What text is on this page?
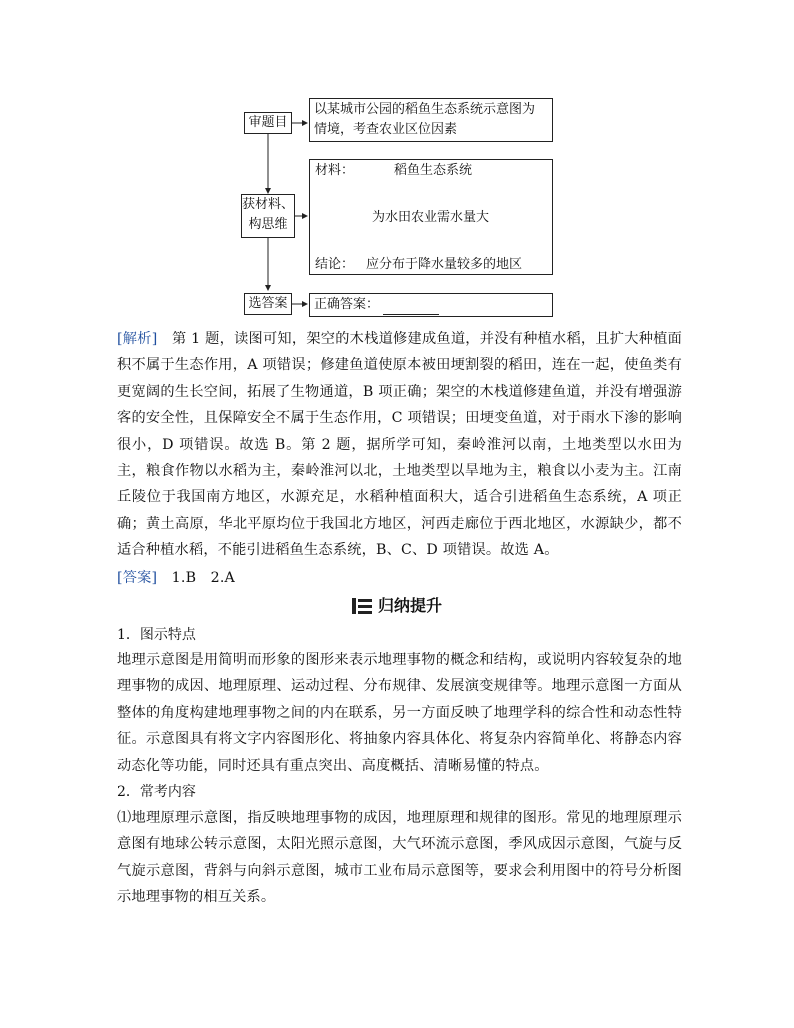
审题目
以某城市公园的稻鱼生态系统示意图为
情境，考查农业区位因素
获材料、
构思维
材料：	稻鱼生态系统
为水田农业需水量大
结论： 应分布于降水量较多的地区
选答案	正确答案：
[解析]　第 1 题，读图可知，架空的木栈道修建成鱼道，并没有种植水稻，且扩大种植面积不属于生态作用，A 项错误；修建鱼道使原本被田埂割裂的稻田，连在一起，使鱼类有更宽阔的生长空间，拓展了生物通道，B 项正确；架空的木栈道修建鱼道，并没有增强游客的安全性，且保障安全不属于生态作用，C 项错误；田埂变鱼道，对于雨水下渗的影响很小，D 项错误。故选 B。第 2 题，据所学可知，秦岭淮河以南，土地类型以水田为主，粮食作物以水稻为主，秦岭淮河以北，土地类型以旱地为主，粮食以小麦为主。江南丘陵位于我国南方地区，水源充足，水稻种植面积大，适合引进稻鱼生态系统，A 项正确；黄土高原，华北平原均位于我国北方地区，河西走廊位于西北地区，水源缺少，都不适合种植水稻，不能引进稻鱼生态系统，B、C、D 项错误。故选 A。
[答案]　1.B　2.A
归纳提升
1．图示特点
地理示意图是用简明而形象的图形来表示地理事物的概念和结构，或说明内容较复杂的地理事物的成因、地理原理、运动过程、分布规律、发展演变规律等。地理示意图一方面从整体的角度构建地理事物之间的内在联系，另一方面反映了地理学科的综合性和动态性特征。示意图具有将文字内容图形化、将抽象内容具体化、将复杂内容简单化、将静态内容动态化等功能，同时还具有重点突出、高度概括、清晰易懂的特点。
2．常考内容
⑴地理原理示意图，指反映地理事物的成因，地理原理和规律的图形。常见的地理原理示意图有地球公转示意图，太阳光照示意图，大气环流示意图，季风成因示意图，气旋与反气旋示意图，背斜与向斜示意图，城市工业布局示意图等，要求会利用图中的符号分析图示地理事物的相互关系。
